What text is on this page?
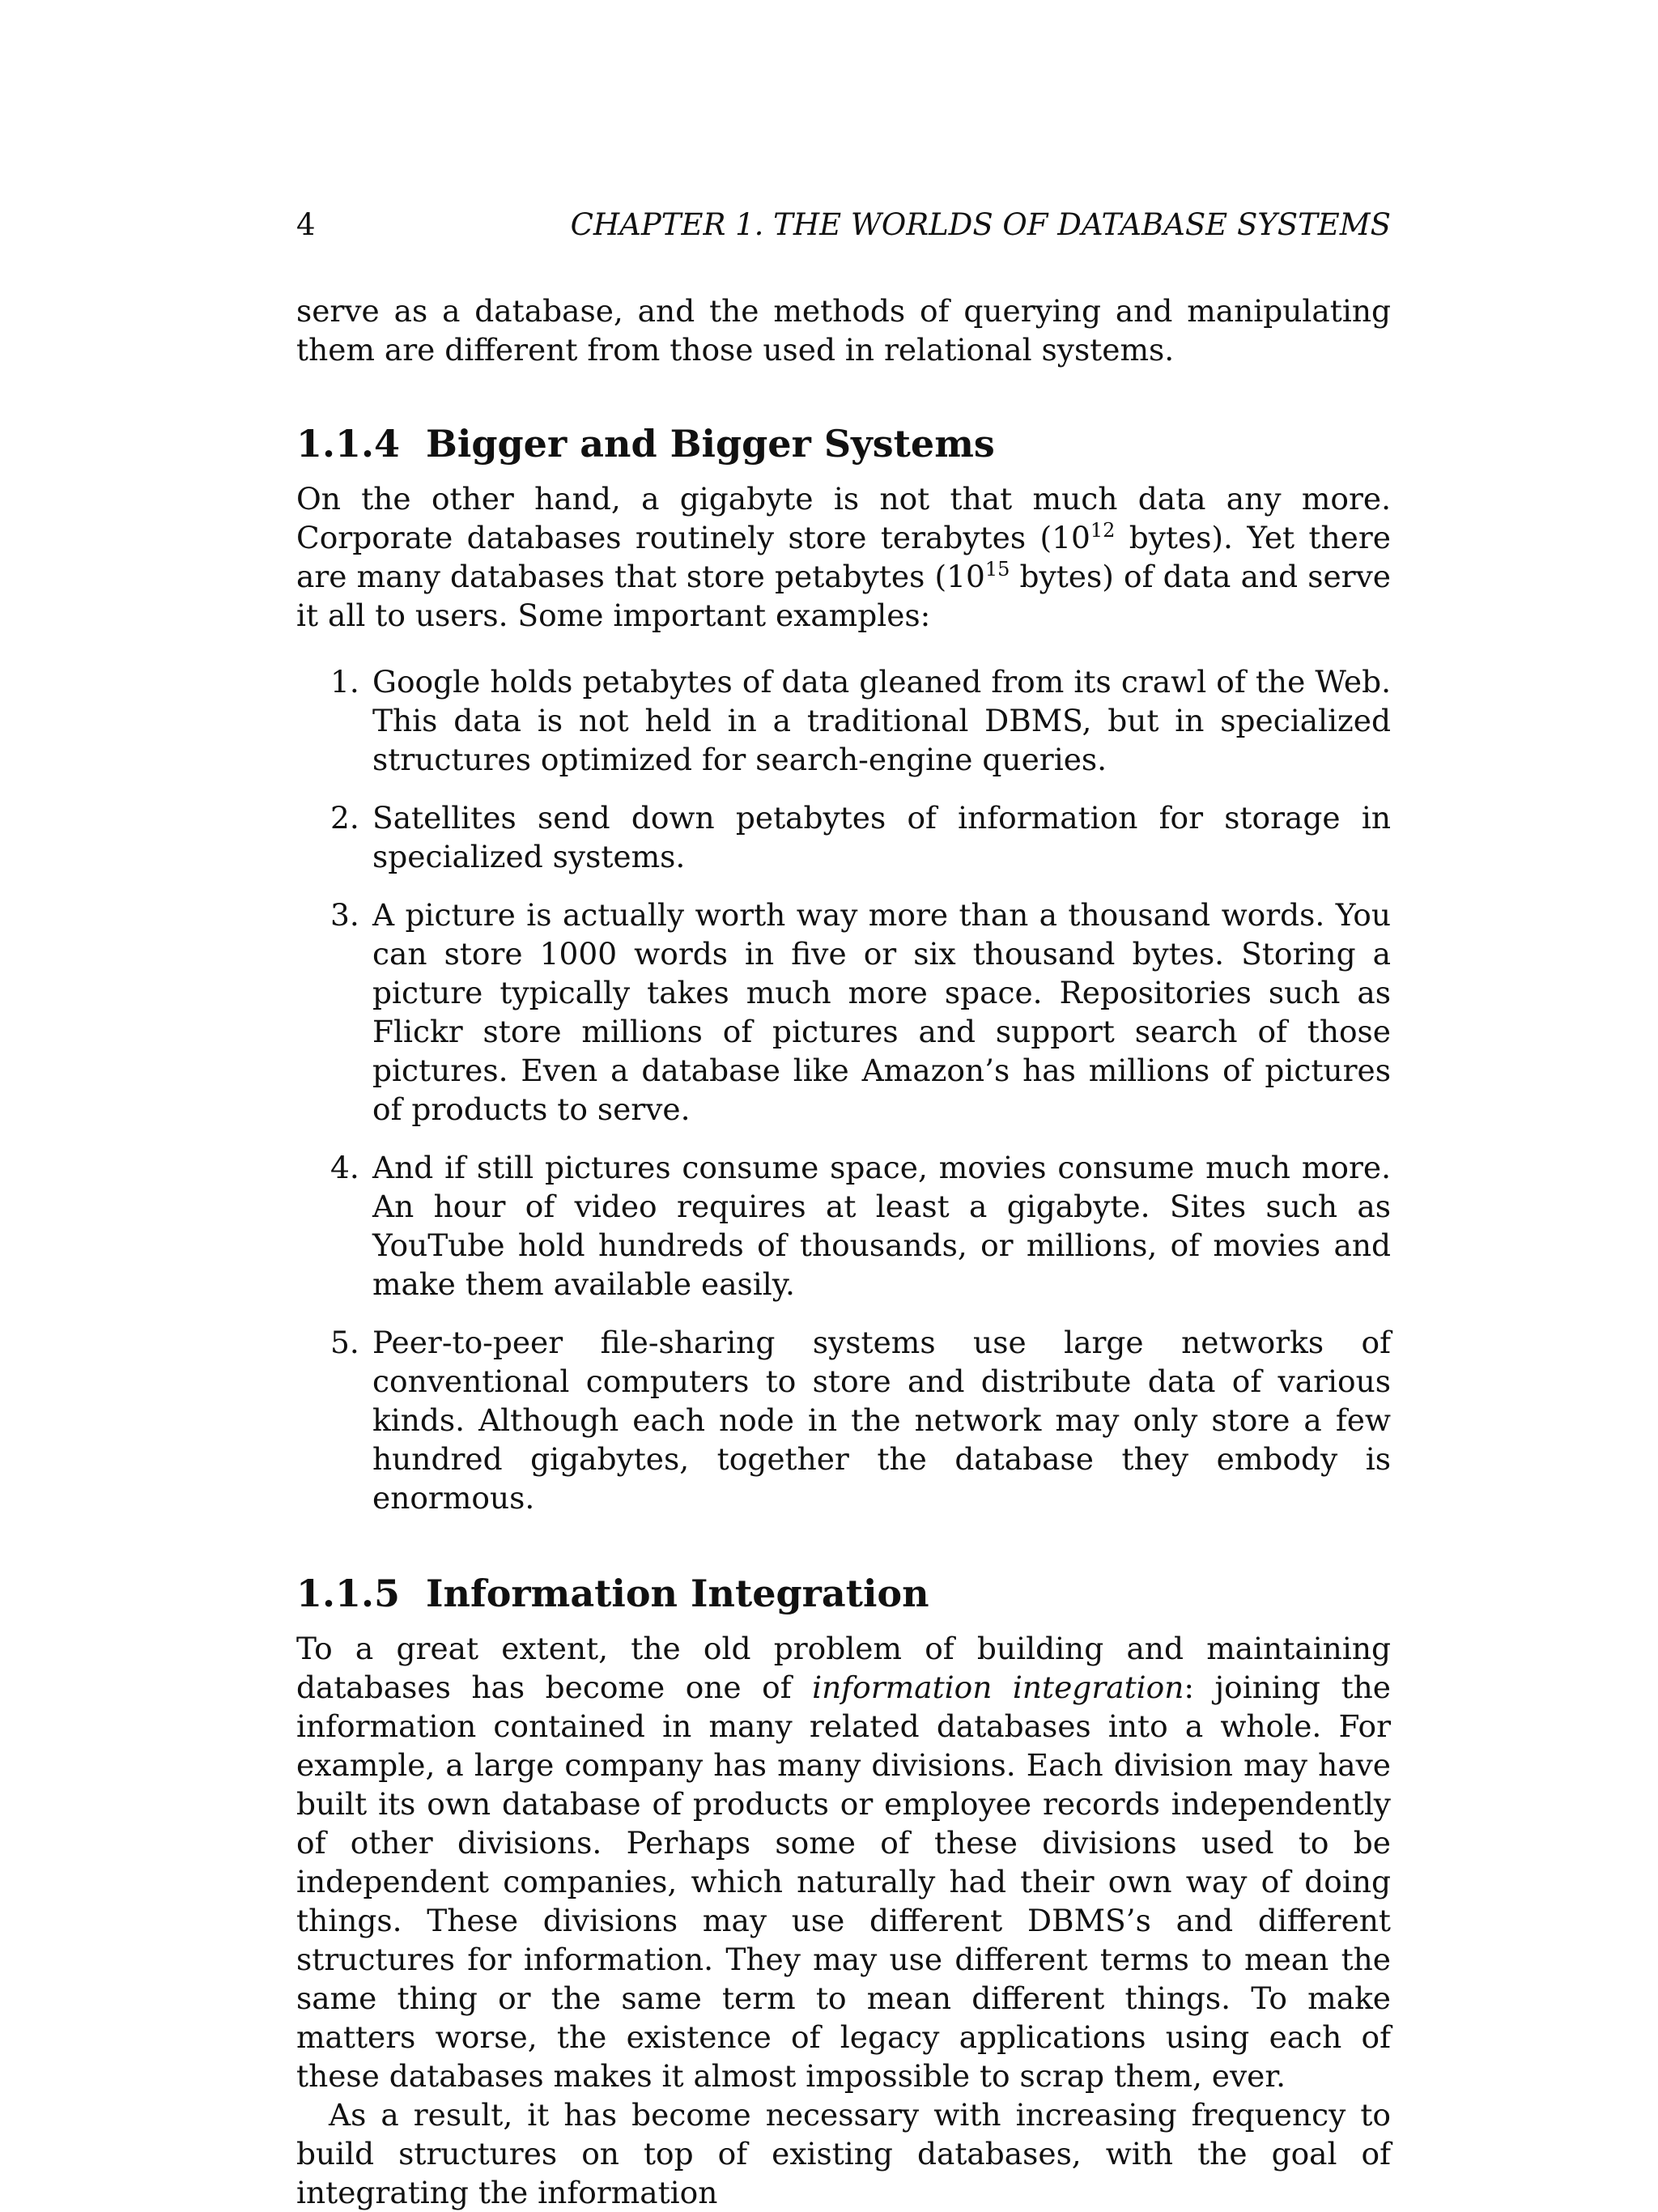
4	CHAPTER 1. THE WORLDS OF DATABASE SYSTEMS

serve as a database, and the methods of querying and manipulating them are different from those used in relational systems.

1.1.4 Bigger and Bigger Systems

On the other hand, a gigabyte is not that much data any more. Corporate databases routinely store terabytes ($10^{12}$ bytes). Yet there are many databases that store petabytes ($10^{15}$ bytes) of data and serve it all to users. Some important examples:

1. Google holds petabytes of data gleaned from its crawl of the Web. This data is not held in a traditional DBMS, but in specialized structures optimized for search-engine queries.
2. Satellites send down petabytes of information for storage in specialized systems.
3. A picture is actually worth way more than a thousand words. You can store 1000 words in five or six thousand bytes. Storing a picture typically takes much more space. Repositories such as Flickr store millions of pictures and support search of those pictures. Even a database like Amazon’s has millions of pictures of products to serve.
4. And if still pictures consume space, movies consume much more. An hour of video requires at least a gigabyte. Sites such as YouTube hold hundreds of thousands, or millions, of movies and make them available easily.
5. Peer-to-peer file-sharing systems use large networks of conventional computers to store and distribute data of various kinds. Although each node in the network may only store a few hundred gigabytes, together the database they embody is enormous.
1.1.5 Information Integration

To a great extent, the old problem of building and maintaining databases has become one of information integration: joining the information contained in many related databases into a whole. For example, a large company has many divisions. Each division may have built its own database of products or employee records independently of other divisions. Perhaps some of these divisions used to be independent companies, which naturally had their own way of doing things. These divisions may use different DBMS’s and different structures for information. They may use different terms to mean the same thing or the same term to mean different things. To make matters worse, the existence of legacy applications using each of these databases makes it almost impossible to scrap them, ever.

As a result, it has become necessary with increasing frequency to build structures on top of existing databases, with the goal of integrating the information
